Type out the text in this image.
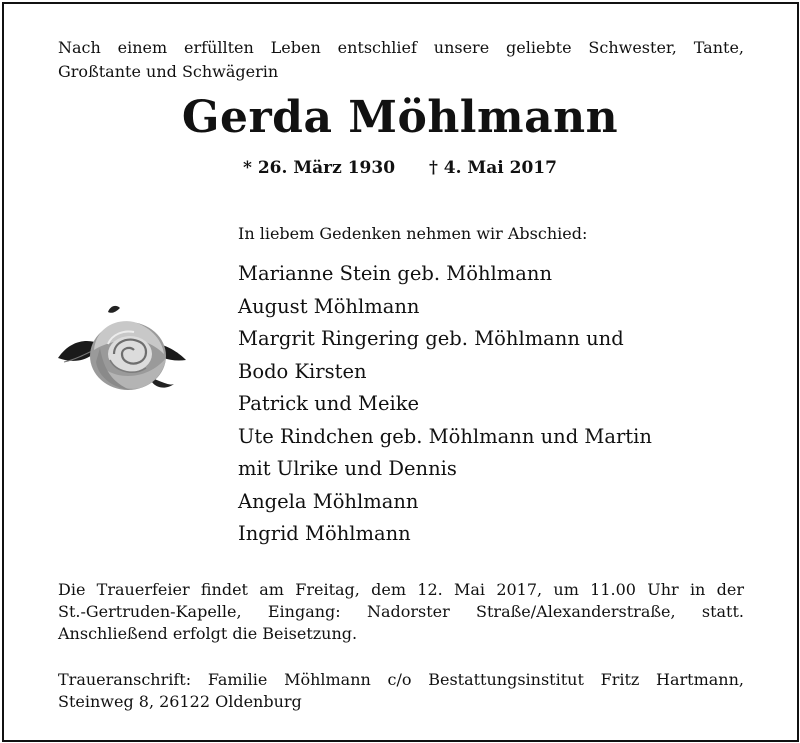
Nach einem erfüllten Leben entschlief unsere geliebte Schwester, Tante,
Großtante und Schwägerin
Gerda Möhlmann
* 26. März 1930 † 4. Mai 2017
In liebem Gedenken nehmen wir Abschied:
Marianne Stein geb. Möhlmann
August Möhlmann
Margrit Ringering geb. Möhlmann und
Bodo Kirsten
Patrick und Meike
Ute Rindchen geb. Möhlmann und Martin
mit Ulrike und Dennis
Angela Möhlmann
Ingrid Möhlmann
Die Trauerfeier findet am Freitag, dem 12. Mai 2017, um 11.00 Uhr in der
St.-Gertruden-Kapelle, Eingang: Nadorster Straße/Alexanderstraße, statt.
Anschließend erfolgt die Beisetzung.
Traueranschrift: Familie Möhlmann c/o Bestattungsinstitut Fritz Hartmann,
Steinweg 8, 26122 Oldenburg
